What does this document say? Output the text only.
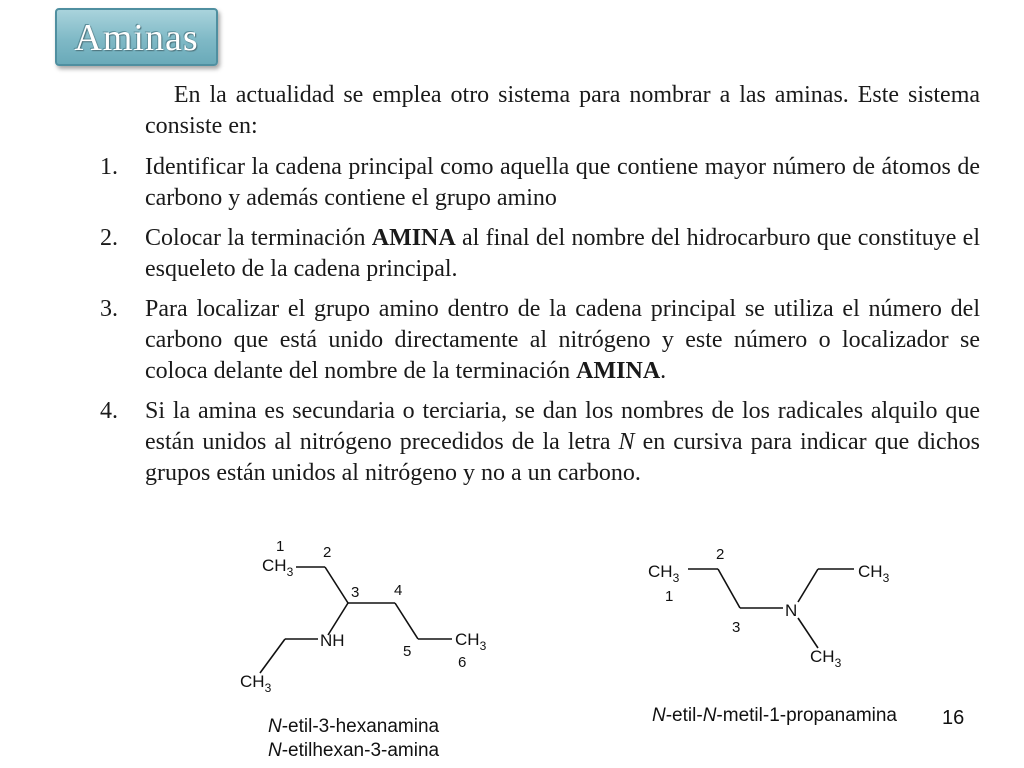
Aminas
En la actualidad se emplea otro sistema para nombrar a las aminas. Este sistema consiste en:
1. Identificar la cadena principal como aquella que contiene mayor número de átomos de carbono y además contiene el grupo amino
2. Colocar la terminación AMINA al final del nombre del hidrocarburo que constituye el esqueleto de la cadena principal.
3. Para localizar el grupo amino dentro de la cadena principal se utiliza el número del carbono que está unido directamente al nitrógeno y este número o localizador se coloca delante del nombre de la terminación AMINA.
4. Si la amina es secundaria o terciaria, se dan los nombres de los radicales alquilo que están unidos al nitrógeno precedidos de la letra N en cursiva para indicar que dichos grupos están unidos al nitrógeno y no a un carbono.
$CH_3$
$CH_3$
$CH_3$
NH
1	2
3 4
5
6
N-etil-3-hexanamina
N-etilhexan-3-amina
$CH_3$	$CH_3$
$CH_3$
N
1
2
3
N-etil-N-metil-1-propanamina 16
